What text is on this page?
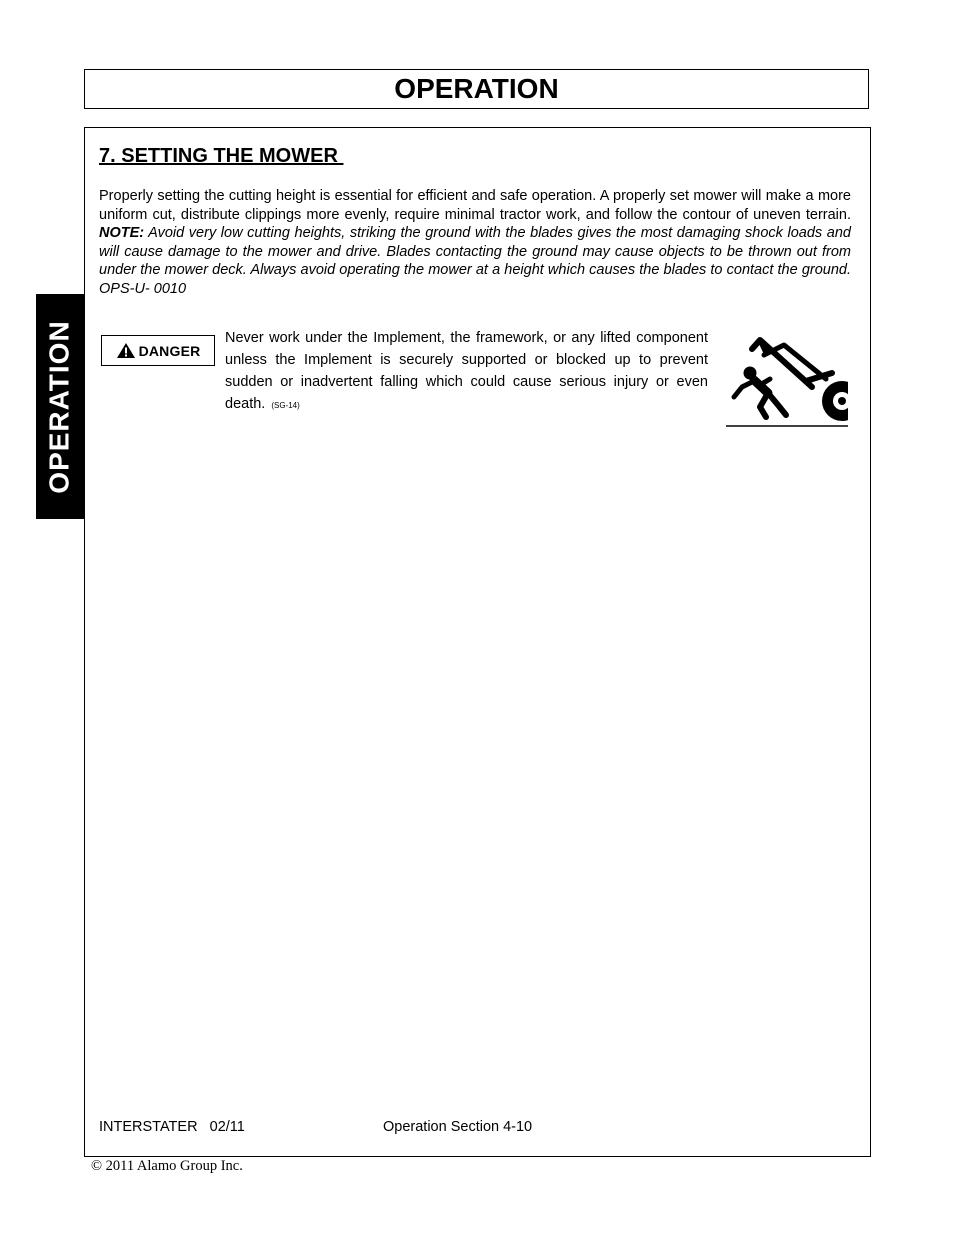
OPERATION
OPERATION
7. SETTING THE MOWER
Properly setting the cutting height is essential for efficient and safe operation. A properly set mower will make a more uniform cut, distribute clippings more evenly, require minimal tractor work, and follow the contour of uneven terrain. NOTE: Avoid very low cutting heights, striking the ground with the blades gives the most damaging shock loads and will cause damage to the mower and drive. Blades contacting the ground may cause objects to be thrown out from under the mower deck. Always avoid operating the mower at a height which causes the blades to contact the ground. OPS-U- 0010
DANGER
Never work under the Implement, the framework, or any lifted component unless the Implement is securely supported or blocked up to prevent sudden or inadvertent falling which could cause serious injury or even death. (SG-14)
INTERSTATER   02/11	Operation Section 4-10
© 2011 Alamo Group Inc.
